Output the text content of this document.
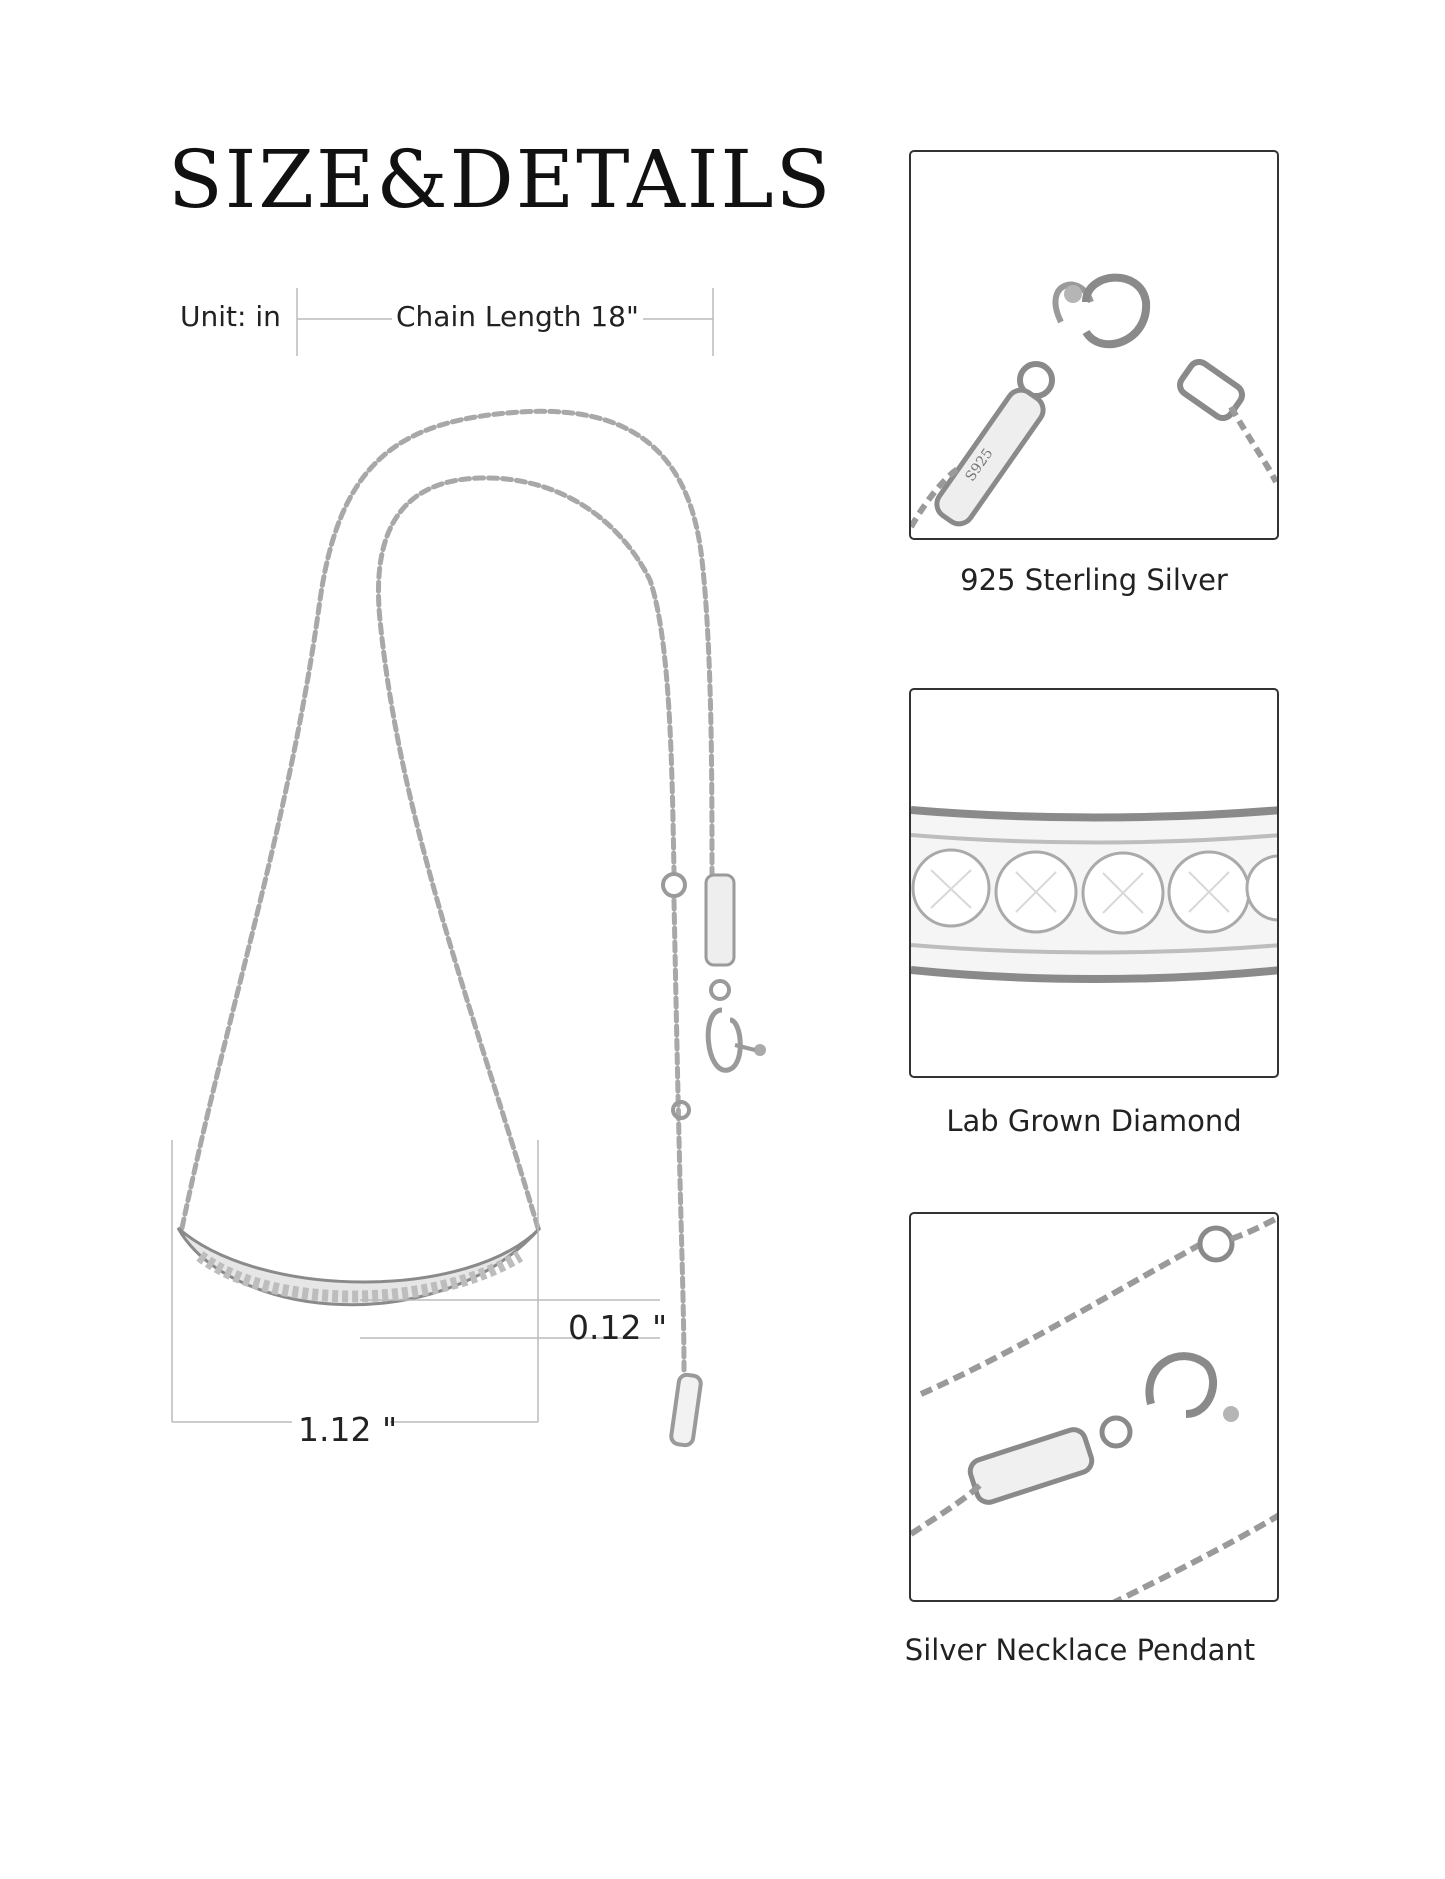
SIZE&DETAILS
Unit: in	Chain Length 18"
1.12 "
0.12 "
S925
925 Sterling Silver
Lab Grown Diamond
Silver Necklace Pendant
